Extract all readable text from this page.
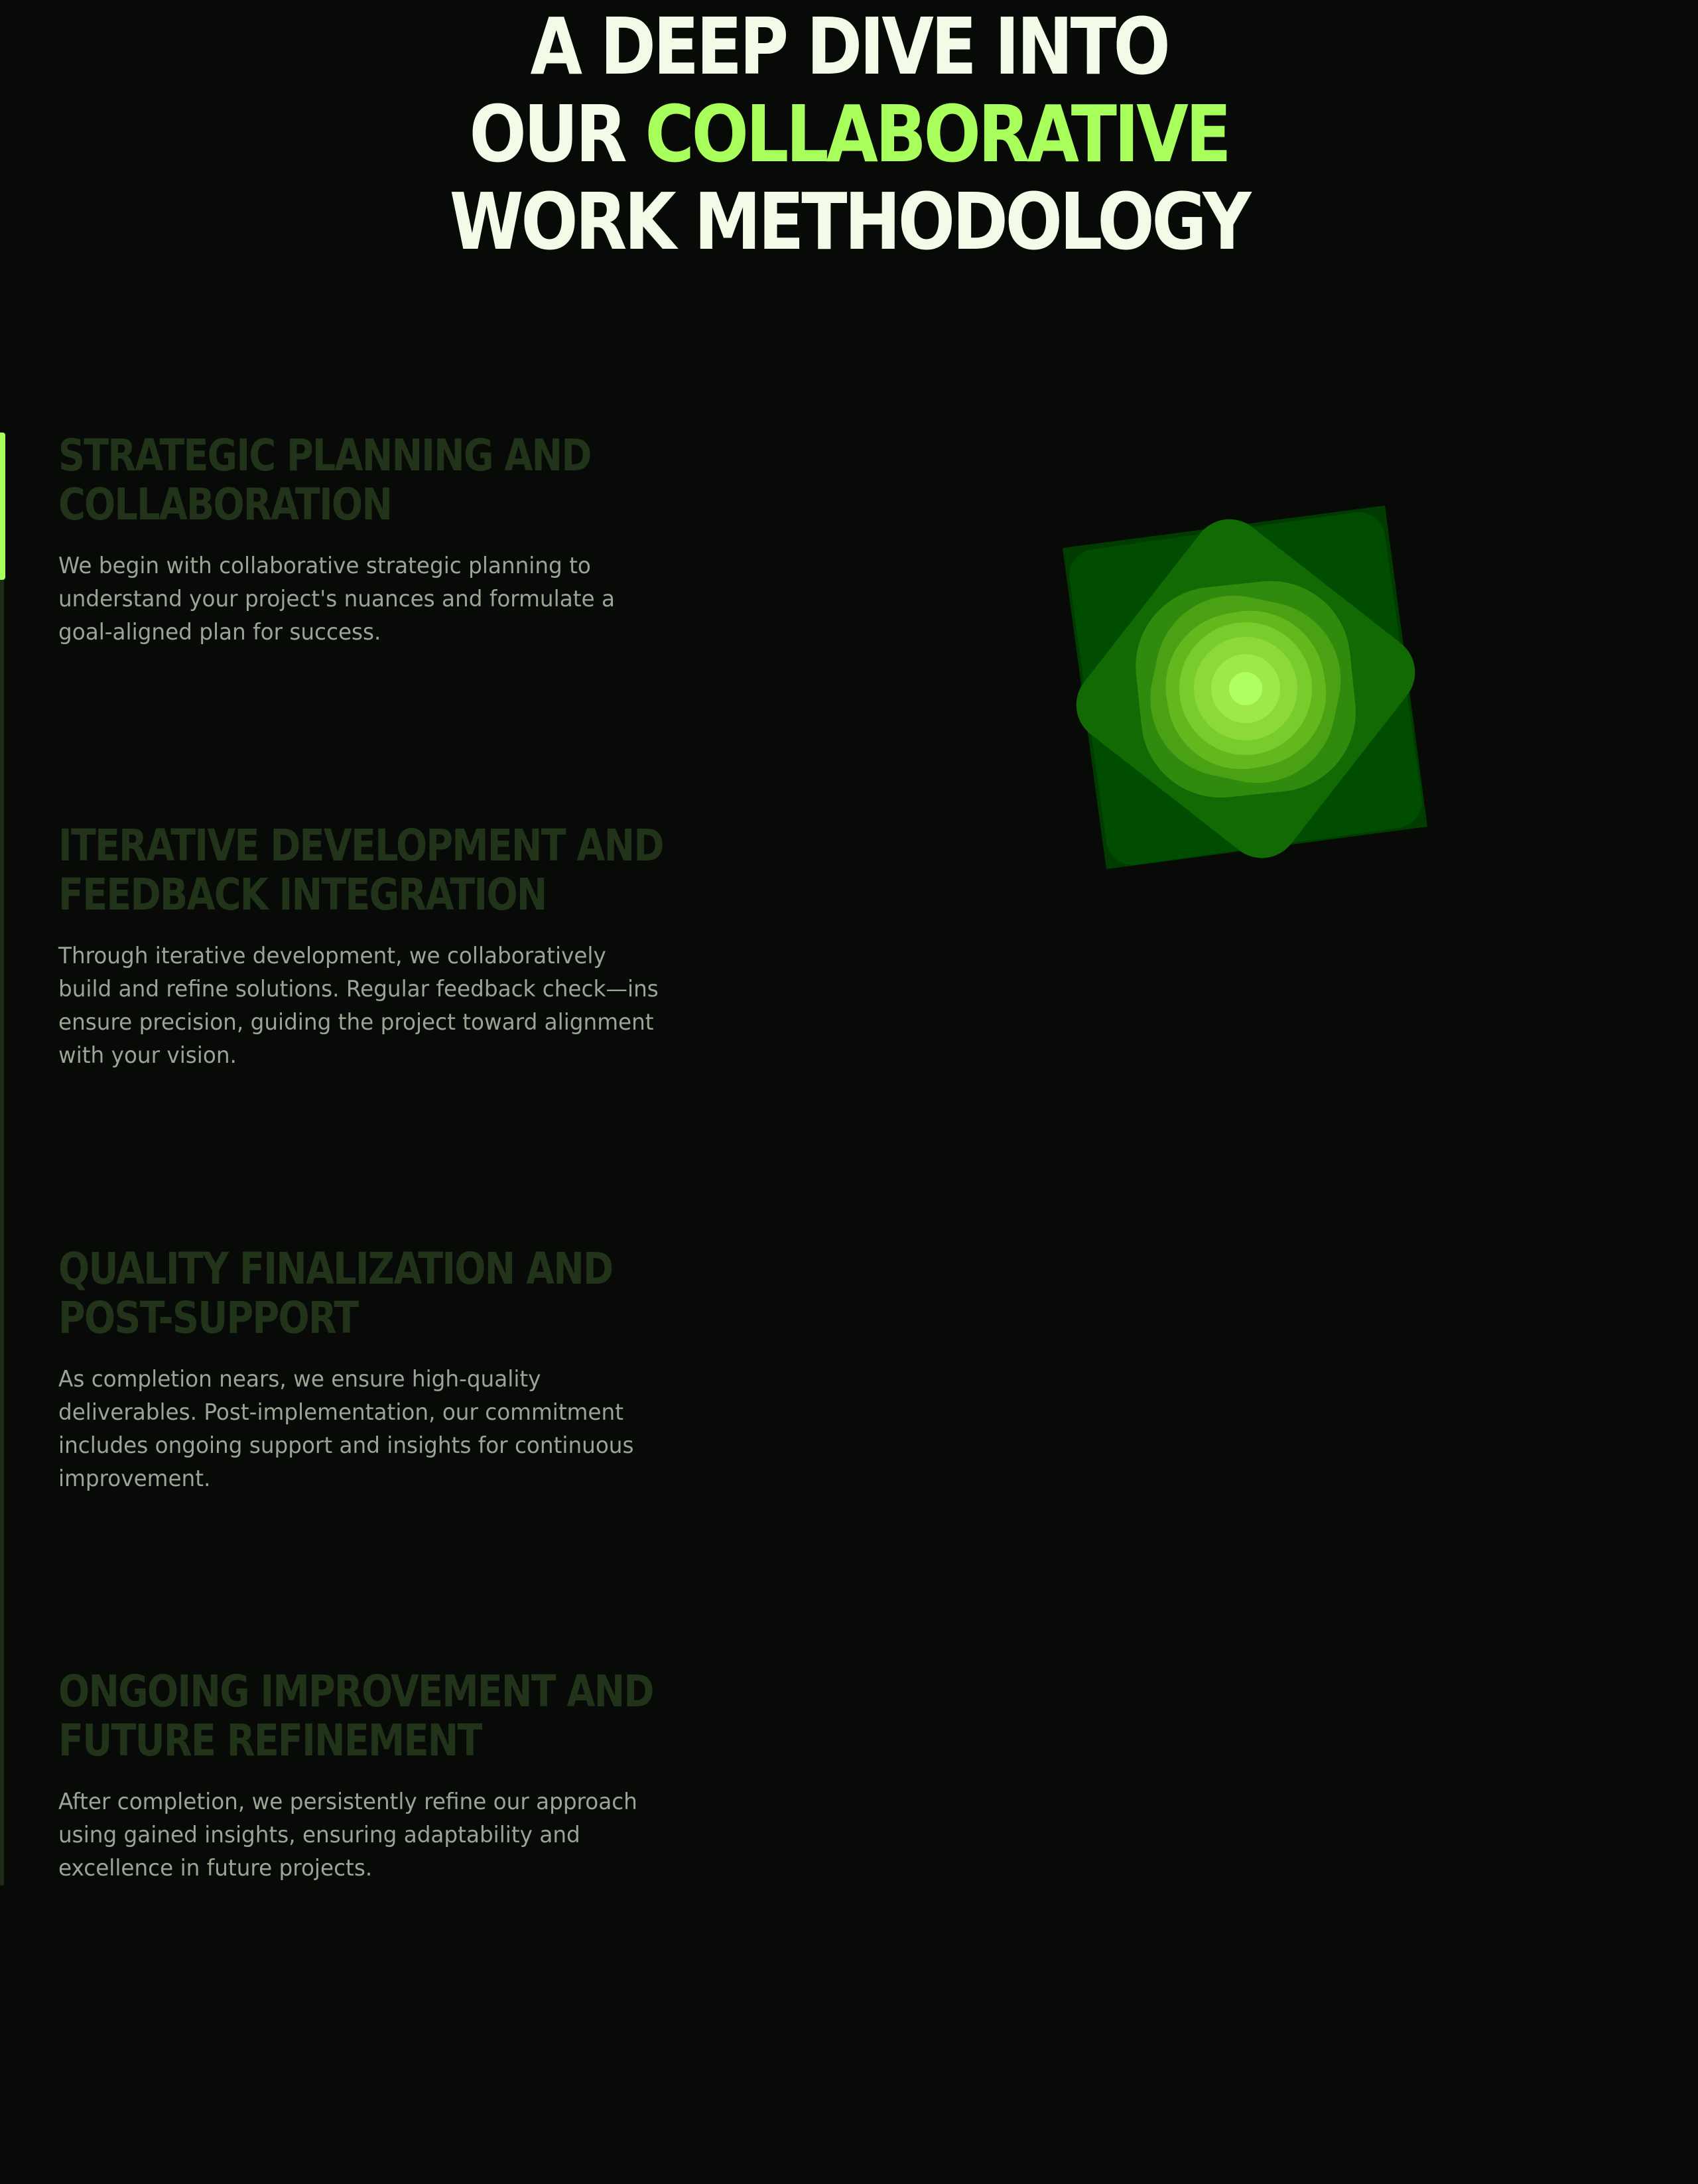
A DEEP DIVE INTO
OUR COLLABORATIVE
WORK METHODOLOGY
STRATEGIC PLANNING AND
COLLABORATION

We begin with collaborative strategic planning to understand your project's nuances and formulate a goal-aligned plan for success.

ITERATIVE DEVELOPMENT AND
FEEDBACK INTEGRATION

Through iterative development, we collaboratively build and refine solutions. Regular feedback check—ins ensure precision, guiding the project toward alignment with your vision.

QUALITY FINALIZATION AND
POST-SUPPORT

As completion nears, we ensure high-quality deliverables. Post-implementation, our commitment includes ongoing support and insights for continuous improvement.

ONGOING IMPROVEMENT AND
FUTURE REFINEMENT

After completion, we persistently refine our approach using gained insights, ensuring adaptability and excellence in future projects.
